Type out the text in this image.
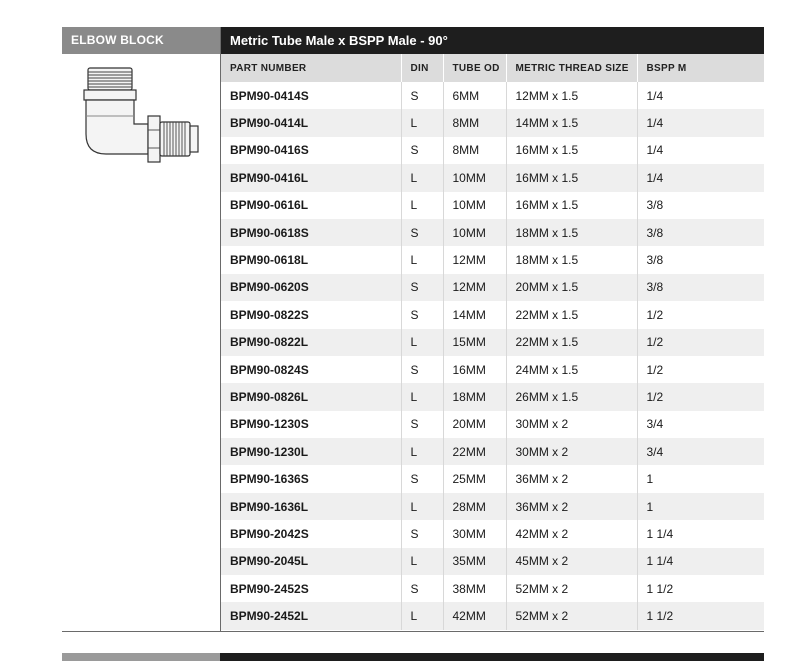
ELBOW BLOCK	Metric Tube Male x BSPP Male - 90°
PART NUMBER	DIN	TUBE OD	METRIC THREAD SIZE	BSPP M
BPM90-0414S	S	6MM	12MM x 1.5	1/4
BPM90-0414L	L	8MM	14MM x 1.5	1/4
BPM90-0416S	S	8MM	16MM x 1.5	1/4
BPM90-0416L	L	10MM	16MM x 1.5	1/4
BPM90-0616L	L	10MM	16MM x 1.5	3/8
BPM90-0618S	S	10MM	18MM x 1.5	3/8
BPM90-0618L	L	12MM	18MM x 1.5	3/8
BPM90-0620S	S	12MM	20MM x 1.5	3/8
BPM90-0822S	S	14MM	22MM x 1.5	1/2
BPM90-0822L	L	15MM	22MM x 1.5	1/2
BPM90-0824S	S	16MM	24MM x 1.5	1/2
BPM90-0826L	L	18MM	26MM x 1.5	1/2
BPM90-1230S	S	20MM	30MM x 2	3/4
BPM90-1230L	L	22MM	30MM x 2	3/4
BPM90-1636S	S	25MM	36MM x 2	1
BPM90-1636L	L	28MM	36MM x 2	1
BPM90-2042S	S	30MM	42MM x 2	1 1/4
BPM90-2045L	L	35MM	45MM x 2	1 1/4
BPM90-2452S	S	38MM	52MM x 2	1 1/2
BPM90-2452L	L	42MM	52MM x 2	1 1/2
